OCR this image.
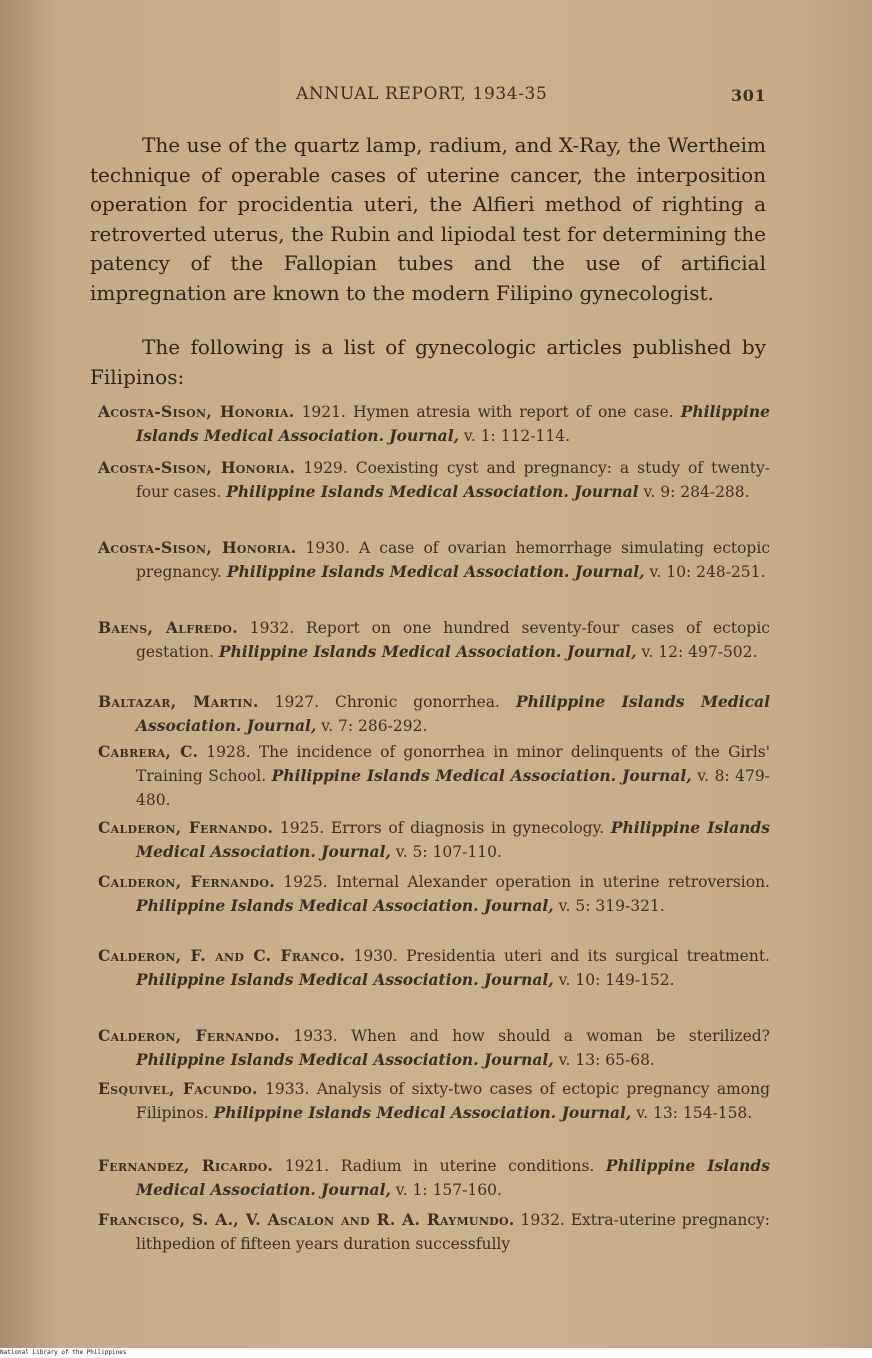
ANNUAL REPORT, 1934-35	301

The use of the quartz lamp, radium, and X-Ray, the Wertheim technique of operable cases of uterine cancer, the interposition operation for procidentia uteri, the Alfieri method of righting a retroverted uterus, the Rubin and lipiodal test for determining the patency of the Fallopian tubes and the use of artificial impregnation are known to the modern Filipino gynecologist.

The following is a list of gynecologic articles published by Filipinos:

Acosta-Sison, Honoria. 1921. Hymen atresia with report of one case. Philippine Islands Medical Association. Journal, v. 1: 112-114.
Acosta-Sison, Honoria. 1929. Coexisting cyst and pregnancy: a study of twenty-four cases. Philippine Islands Medical Association. Journal v. 9: 284-288.
Acosta-Sison, Honoria. 1930. A case of ovarian hemorrhage simulating ectopic pregnancy. Philippine Islands Medical Association. Journal, v. 10: 248-251.
Baens, Alfredo. 1932. Report on one hundred seventy-four cases of ectopic gestation. Philippine Islands Medical Association. Journal, v. 12: 497-502.
Baltazar, Martin. 1927. Chronic gonorrhea. Philippine Islands Medical Association. Journal, v. 7: 286-292.
Cabrera, C. 1928. The incidence of gonorrhea in minor delinquents of the Girls' Training School. Philippine Islands Medical Association. Journal, v. 8: 479-480.
Calderon, Fernando. 1925. Errors of diagnosis in gynecology. Philippine Islands Medical Association. Journal, v. 5: 107-110.
Calderon, Fernando. 1925. Internal Alexander operation in uterine retroversion. Philippine Islands Medical Association. Journal, v. 5: 319-321.
Calderon, F. and C. Franco. 1930. Presidentia uteri and its surgical treatment. Philippine Islands Medical Association. Journal, v. 10: 149-152.
Calderon, Fernando. 1933. When and how should a woman be sterilized? Philippine Islands Medical Association. Journal, v. 13: 65-68.
Esquivel, Facundo. 1933. Analysis of sixty-two cases of ectopic pregnancy among Filipinos. Philippine Islands Medical Association. Journal, v. 13: 154-158.
Fernandez, Ricardo. 1921. Radium in uterine conditions. Philippine Islands Medical Association. Journal, v. 1: 157-160.
Francisco, S. A., V. Ascalon and R. A. Raymundo. 1932. Extra-uterine pregnancy: lithpedion of fifteen years duration successfully
National Library of the Philippines
